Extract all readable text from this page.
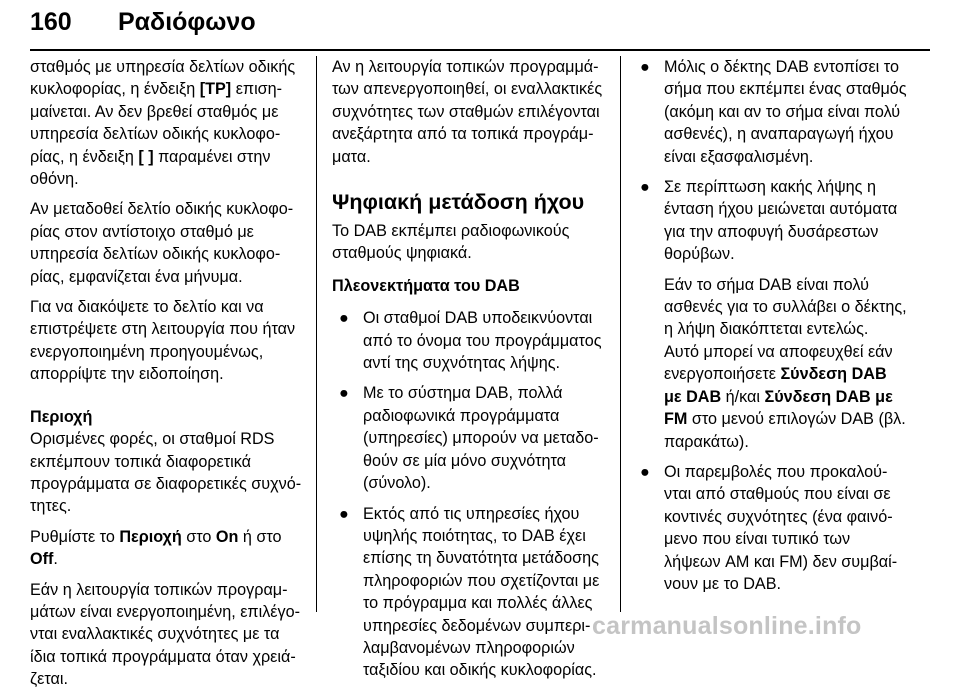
160 Ραδιόφωνο
σταθμός με υπηρεσία δελτίων οδικής
κυκλοφορίας, η ένδειξη [TP] επιση-
μαίνεται. Αν δεν βρεθεί σταθμός με
υπηρεσία δελτίων οδικής κυκλοφο-
ρίας, η ένδειξη [ ] παραμένει στην
οθόνη.
Αν μεταδοθεί δελτίο οδικής κυκλοφο-
ρίας στον αντίστοιχο σταθμό με
υπηρεσία δελτίων οδικής κυκλοφο-
ρίας, εμφανίζεται ένα μήνυμα.
Για να διακόψετε το δελτίο και να
επιστρέψετε στη λειτουργία που ήταν
ενεργοποιημένη προηγουμένως,
απορρίψτε την ειδοποίηση.
Περιοχή
Ορισμένες φορές, οι σταθμοί RDS
εκπέμπουν τοπικά διαφορετικά
προγράμματα σε διαφορετικές συχνό-
τητες.
Ρυθμίστε το Περιοχή στο On ή στο
Off.
Εάν η λειτουργία τοπικών προγραμ-
μάτων είναι ενεργοποιημένη, επιλέγο-
νται εναλλακτικές συχνότητες με τα
ίδια τοπικά προγράμματα όταν χρειά-
ζεται.
Αν η λειτουργία τοπικών προγραμμά-
των απενεργοποιηθεί, οι εναλλακτικές
συχνότητες των σταθμών επιλέγονται
ανεξάρτητα από τα τοπικά προγράμ-
ματα.
Ψηφιακή μετάδοση ήχου
Το DAB εκπέμπει ραδιοφωνικούς
σταθμούς ψηφιακά.
Πλεονεκτήματα του DAB
● Οι σταθμοί DAB υποδεικνύονται
από το όνομα του προγράμματος
αντί της συχνότητας λήψης.
● Με το σύστημα DAB, πολλά
ραδιοφωνικά προγράμματα
(υπηρεσίες) μπορούν να μεταδο-
θούν σε μία μόνο συχνότητα
(σύνολο).
● Εκτός από τις υπηρεσίες ήχου
υψηλής ποιότητας, το DAB έχει
επίσης τη δυνατότητα μετάδοσης
πληροφοριών που σχετίζονται με
το πρόγραμμα και πολλές άλλες
υπηρεσίες δεδομένων συμπερι-
λαμβανομένων πληροφοριών
ταξιδίου και οδικής κυκλοφορίας.
● Μόλις ο δέκτης DAB εντοπίσει το
σήμα που εκπέμπει ένας σταθμός
(ακόμη και αν το σήμα είναι πολύ
ασθενές), η αναπαραγωγή ήχου
είναι εξασφαλισμένη.
● Σε περίπτωση κακής λήψης η
ένταση ήχου μειώνεται αυτόματα
για την αποφυγή δυσάρεστων
θορύβων.
Εάν το σήμα DAB είναι πολύ
ασθενές για το συλλάβει ο δέκτης,
η λήψη διακόπτεται εντελώς.
Αυτό μπορεί να αποφευχθεί εάν
ενεργοποιήσετε Σύνδεση DAB
με DAB ή/και Σύνδεση DAB με
FM στο μενού επιλογών DAB (βλ.
παρακάτω).
● Οι παρεμβολές που προκαλού-
νται από σταθμούς που είναι σε
κοντινές συχνότητες (ένα φαινό-
μενο που είναι τυπικό των
λήψεων AM και FM) δεν συμβαί-
νουν με το DAB.
carmanualsonline.info
